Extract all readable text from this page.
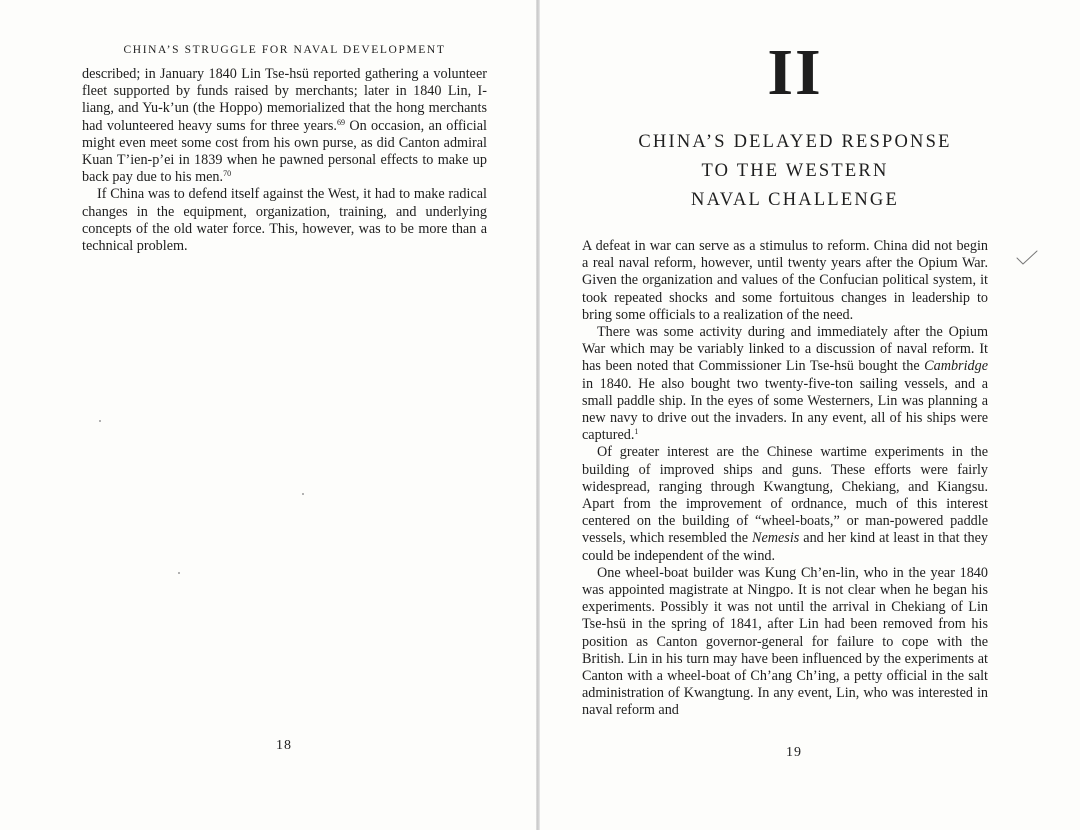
CHINA’S STRUGGLE FOR NAVAL DEVELOPMENT

described; in January 1840 Lin Tse-hsü reported gathering a volunteer fleet supported by funds raised by merchants; later in 1840 Lin, I-liang, and Yu-k’un (the Hoppo) memorialized that the hong merchants had volunteered heavy sums for three years.$^{69}$ On occasion, an official might even meet some cost from his own purse, as did Canton admiral Kuan T’ien-p’ei in 1839 when he pawned personal effects to make up back pay due to his men.$^{70}$

If China was to defend itself against the West, it had to make radical changes in the equipment, organization, training, and underlying concepts of the old water force. This, however, was to be more than a technical problem.

18
II
CHINA’S DELAYED RESPONSE
TO THE WESTERN
NAVAL CHALLENGE

A defeat in war can serve as a stimulus to reform. China did not begin a real naval reform, however, until twenty years after the Opium War. Given the organization and values of the Confucian political system, it took repeated shocks and some fortuitous changes in leadership to bring some officials to a realization of the need.

There was some activity during and immediately after the Opium War which may be variably linked to a discussion of naval reform. It has been noted that Commissioner Lin Tse-hsü bought the Cambridge in 1840. He also bought two twenty-five-ton sailing vessels, and a small paddle ship. In the eyes of some Westerners, Lin was planning a new navy to drive out the invaders. In any event, all of his ships were captured.$^1$

Of greater interest are the Chinese wartime experiments in the building of improved ships and guns. These efforts were fairly widespread, ranging through Kwangtung, Chekiang, and Kiangsu. Apart from the improvement of ordnance, much of this interest centered on the building of “wheel-boats,” or man-powered paddle vessels, which resembled the Nemesis and her kind at least in that they could be independent of the wind.

One wheel-boat builder was Kung Ch’en-lin, who in the year 1840 was appointed magistrate at Ningpo. It is not clear when he began his experiments. Possibly it was not until the arrival in Chekiang of Lin Tse-hsü in the spring of 1841, after Lin had been removed from his position as Canton governor-general for failure to cope with the British. Lin in his turn may have been influenced by the experiments at Canton with a wheel-boat of Ch’ang Ch’ing, a petty official in the salt administration of Kwangtung. In any event, Lin, who was interested in naval reform and

19
